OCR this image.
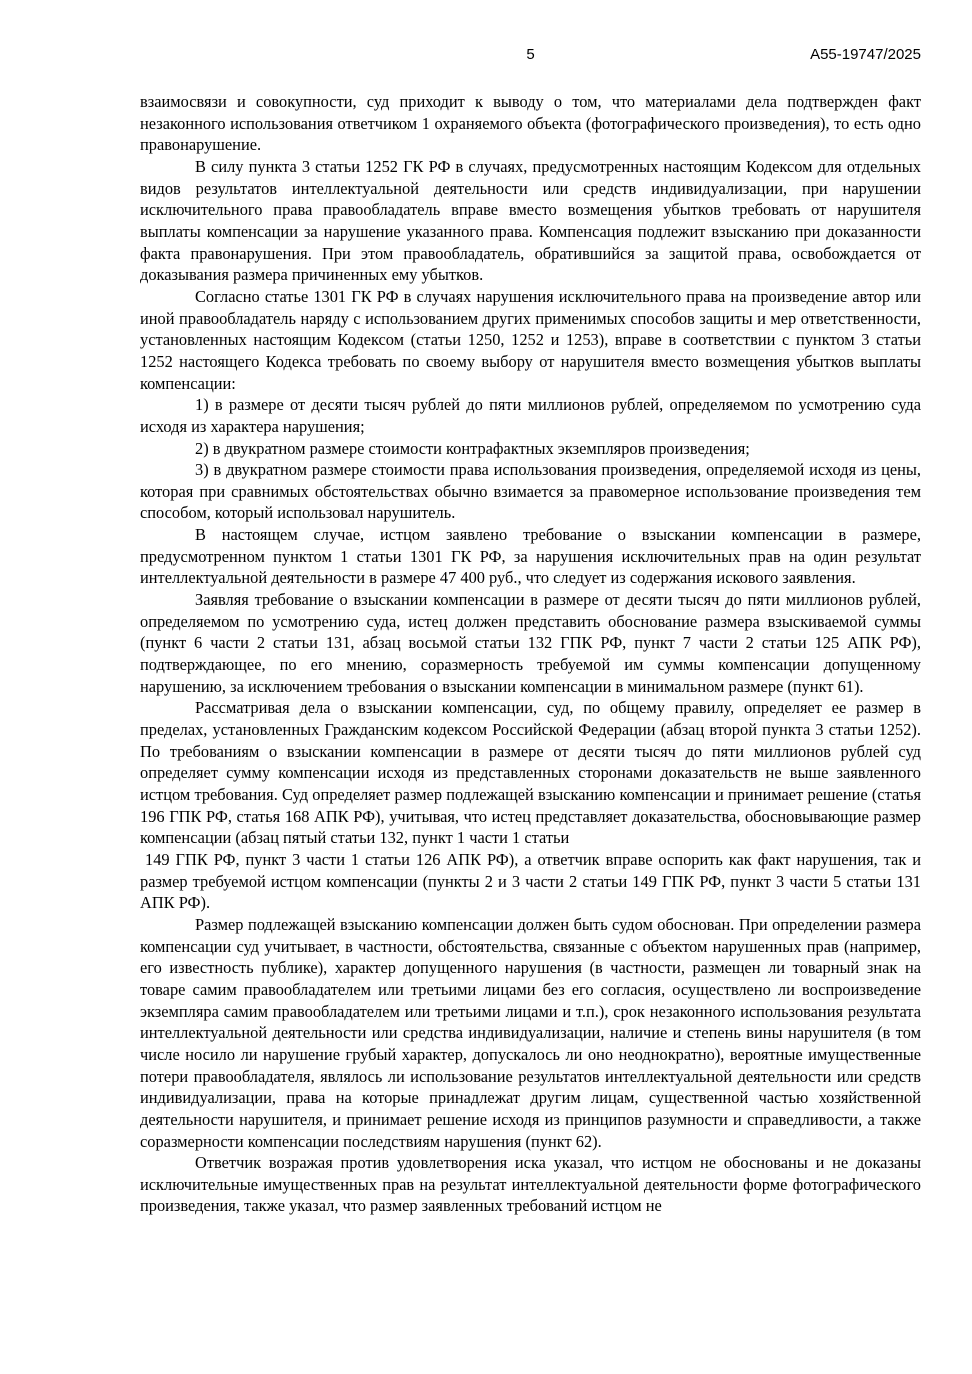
5	А55-19747/2025

взаимосвязи и совокупности, суд приходит к выводу о том, что материалами дела подтвержден факт незаконного использования ответчиком 1 охраняемого объекта (фотографического произведения), то есть одно правонарушение.

В силу пункта 3 статьи 1252 ГК РФ в случаях, предусмотренных настоящим Кодексом для отдельных видов результатов интеллектуальной деятельности или средств индивидуализации, при нарушении исключительного права правообладатель вправе вместо возмещения убытков требовать от нарушителя выплаты компенсации за нарушение указанного права. Компенсация подлежит взысканию при доказанности факта правонарушения. При этом правообладатель, обратившийся за защитой права, освобождается от доказывания размера причиненных ему убытков.

Согласно статье 1301 ГК РФ в случаях нарушения исключительного права на произведение автор или иной правообладатель наряду с использованием других применимых способов защиты и мер ответственности, установленных настоящим Кодексом (статьи 1250, 1252 и 1253), вправе в соответствии с пунктом 3 статьи 1252 настоящего Кодекса требовать по своему выбору от нарушителя вместо возмещения убытков выплаты компенсации:

1) в размере от десяти тысяч рублей до пяти миллионов рублей, определяемом по усмотрению суда исходя из характера нарушения;

2) в двукратном размере стоимости контрафактных экземпляров произведения;

3) в двукратном размере стоимости права использования произведения, определяемой исходя из цены, которая при сравнимых обстоятельствах обычно взимается за правомерное использование произведения тем способом, который использовал нарушитель.

В настоящем случае, истцом заявлено требование о взыскании компенсации в размере, предусмотренном пунктом 1 статьи 1301 ГК РФ, за нарушения исключительных прав на один результат интеллектуальной деятельности в размере 47 400 руб., что следует из содержания искового заявления.

Заявляя требование о взыскании компенсации в размере от десяти тысяч до пяти миллионов рублей, определяемом по усмотрению суда, истец должен представить обоснование размера взыскиваемой суммы (пункт 6 части 2 статьи 131, абзац восьмой статьи 132 ГПК РФ, пункт 7 части 2 статьи 125 АПК РФ), подтверждающее, по его мнению, соразмерность требуемой им суммы компенсации допущенному нарушению, за исключением требования о взыскании компенсации в минимальном размере (пункт 61).

Рассматривая дела о взыскании компенсации, суд, по общему правилу, определяет ее размер в пределах, установленных Гражданским кодексом Российской Федерации (абзац второй пункта 3 статьи 1252). По требованиям о взыскании компенсации в размере от десяти тысяч до пяти миллионов рублей суд определяет сумму компенсации исходя из представленных сторонами доказательств не выше заявленного истцом требования. Суд определяет размер подлежащей взысканию компенсации и принимает решение (статья 196 ГПК РФ, статья 168 АПК РФ), учитывая, что истец представляет доказательства, обосновывающие размер компенсации (абзац пятый статьи 132, пункт 1 части 1 статьи

149 ГПК РФ, пункт 3 части 1 статьи 126 АПК РФ), а ответчик вправе оспорить как факт нарушения, так и размер требуемой истцом компенсации (пункты 2 и 3 части 2 статьи 149 ГПК РФ, пункт 3 части 5 статьи 131 АПК РФ).

Размер подлежащей взысканию компенсации должен быть судом обоснован. При определении размера компенсации суд учитывает, в частности, обстоятельства, связанные с объектом нарушенных прав (например, его известность публике), характер допущенного нарушения (в частности, размещен ли товарный знак на товаре самим правообладателем или третьими лицами без его согласия, осуществлено ли воспроизведение экземпляра самим правообладателем или третьими лицами и т.п.), срок незаконного использования результата интеллектуальной деятельности или средства индивидуализации, наличие и степень вины нарушителя (в том числе носило ли нарушение грубый характер, допускалось ли оно неоднократно), вероятные имущественные потери правообладателя, являлось ли использование результатов интеллектуальной деятельности или средств индивидуализации, права на которые принадлежат другим лицам, существенной частью хозяйственной деятельности нарушителя, и принимает решение исходя из принципов разумности и справедливости, а также соразмерности компенсации последствиям нарушения (пункт 62).

Ответчик возражая против удовлетворения иска указал, что истцом не обоснованы и не доказаны исключительные имущественных прав на результат интеллектуальной деятельности форме фотографического произведения, также указал, что размер заявленных требований истцом не
